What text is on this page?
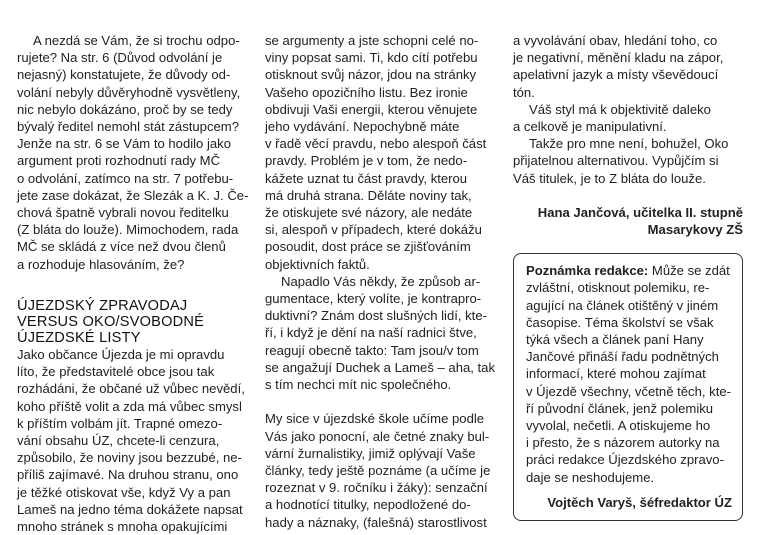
A nezdá se Vám, že si trochu odpo-
rujete? Na str. 6 (Důvod odvolání je
nejasný) konstatujete, že důvody od-
volání nebyly důvěryhodně vysvětleny,
nic nebylo dokázáno, proč by se tedy
bývalý ředitel nemohl stát zástupcem?
Jenže na str. 6 se Vám to hodilo jako
argument proti rozhodnutí rady MČ
o odvolání, zatímco na str. 7 potřebu-
jete zase dokázat, že Slezák a K. J. Če-
chová špatně vybrali novou ředitelku
(Z bláta do louže). Mimochodem, rada
MČ se skládá z více než dvou členů
a rozhoduje hlasováním, že?
ÚJEZDSKÝ ZPRAVODAJ
VERSUS OKO/SVOBODNÉ
ÚJEZDSKÉ LISTY
Jako občance Újezda je mi opravdu
líto, že představitelé obce jsou tak
rozhádáni, že občané už vůbec nevědí,
koho příště volit a zda má vůbec smysl
k příštím volbám jít. Trapné omezo-
vání obsahu ÚZ, chcete-li cenzura,
způsobilo, že noviny jsou bezzubé, ne-
příliš zajímavé. Na druhou stranu, ono
je těžké otiskovat vše, když Vy a pan
Lameš na jedno téma dokážete napsat
mnoho stránek s mnoha opakujícími
se argumenty a jste schopni celé no-
viny popsat sami. Ti, kdo cítí potřebu
otisknout svůj názor, jdou na stránky
Vašeho opozičního listu. Bez ironie
obdivuji Vaši energii, kterou věnujete
jeho vydávání. Nepochybně máte
v řadě věcí pravdu, nebo alespoň část
pravdy. Problém je v tom, že nedo-
kážete uznat tu část pravdy, kterou
má druhá strana. Děláte noviny tak,
že otiskujete své názory, ale nedáte
si, alespoň v případech, které dokážu
posoudit, dost práce se zjišťováním
objektivních faktů.
Napadlo Vás někdy, že způsob ar-
gumentace, který volíte, je kontrapro-
duktivní? Znám dost slušných lidí, kte-
ří, i když je dění na naší radnici štve,
reagují obecně takto: Tam jsou/v tom
se angažují Duchek a Lameš – aha, tak
s tím nechci mít nic společného.
My sice v újezdské škole učíme podle
Vás jako ponocní, ale četné znaky bul-
vární žurnalistiky, jimiž oplývají Vaše
články, tedy ještě poznáme (a učíme je
rozeznat v 9. ročníku i žáky): senzační
a hodnotící titulky, nepodložené do-
hady a náznaky, (falešná) starostlivost
a vyvolávání obav, hledání toho, co
je negativní, měnění kladu na zápor,
apelativní jazyk a místy vševědoucí
tón.
Váš styl má k objektivitě daleko
a celkově je manipulativní.
Takže pro mne není, bohužel, Oko
přijatelnou alternativou. Vypůjčím si
Váš titulek, je to Z bláta do louže.
Hana Jančová, učitelka II. stupně
Masarykovy ZŠ
Poznámka redakce: Může se zdát
zvláštní, otisknout polemiku, re-
agující na článek otištěný v jiném
časopise. Téma školství se však
týká všech a článek paní Hany
Jančové přináší řadu podnětných
informací, které mohou zajímat
v Újezdě všechny, včetně těch, kte-
ří původní článek, jenž polemiku
vyvolal, nečetli. A otiskujeme ho
i přesto, že s názorem autorky na
práci redakce Újezdského zpravo-
daje se neshodujeme.
Vojtěch Varyš, šéfredaktor ÚZ
